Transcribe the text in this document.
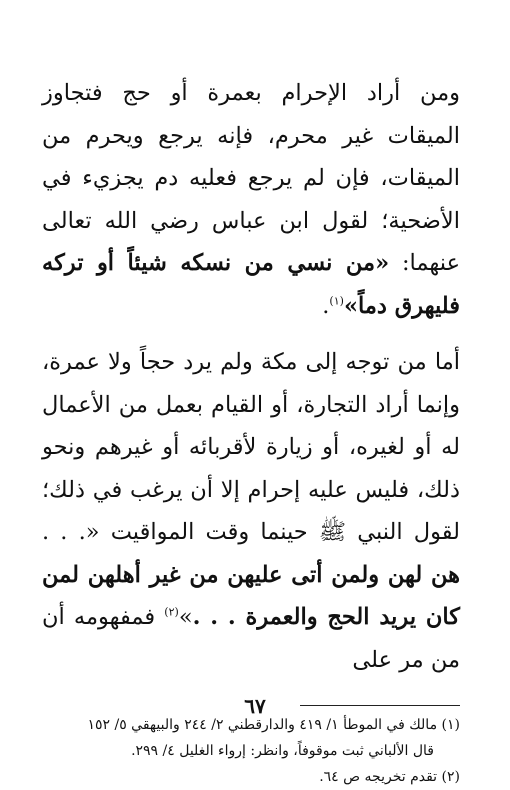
ومن أراد الإحرام بعمرة أو حج فتجاوز الميقات غير محرم، فإنه يرجع ويحرم من الميقات، فإن لم يرجع فعليه دم يجزيء في الأضحية؛ لقول ابن عباس رضي الله تعالى عنهما: «من نسي من نسكه شيئاً أو تركه فليهرق دماً»$^{(١)}$.

أما من توجه إلى مكة ولم يرد حجاً ولا عمرة، وإنما أراد التجارة، أو القيام بعمل من الأعمال له أو لغيره، أو زيارة لأقربائه أو غيرهم ونحو ذلك، فليس عليه إحرام إلا أن يرغب في ذلك؛ لقول النبي ﷺ حينما وقت المواقيت «. . . هن لهن ولمن أتى عليهن من غير أهلهن لمن كان يريد الحج والعمرة . . .»$^{(٢)}$ فمفهومه أن من مر على

(١) مالك في الموطأ ١/ ٤١٩ والدارقطني ٢/ ٢٤٤ والبيهقي ٥/ ١٥٢

قال الألباني ثبت موقوفاً، وانظر: إرواء الغليل ٤/ ٢٩٩.

(٢) تقدم تخريجه ص ٦٤.

٦٧
